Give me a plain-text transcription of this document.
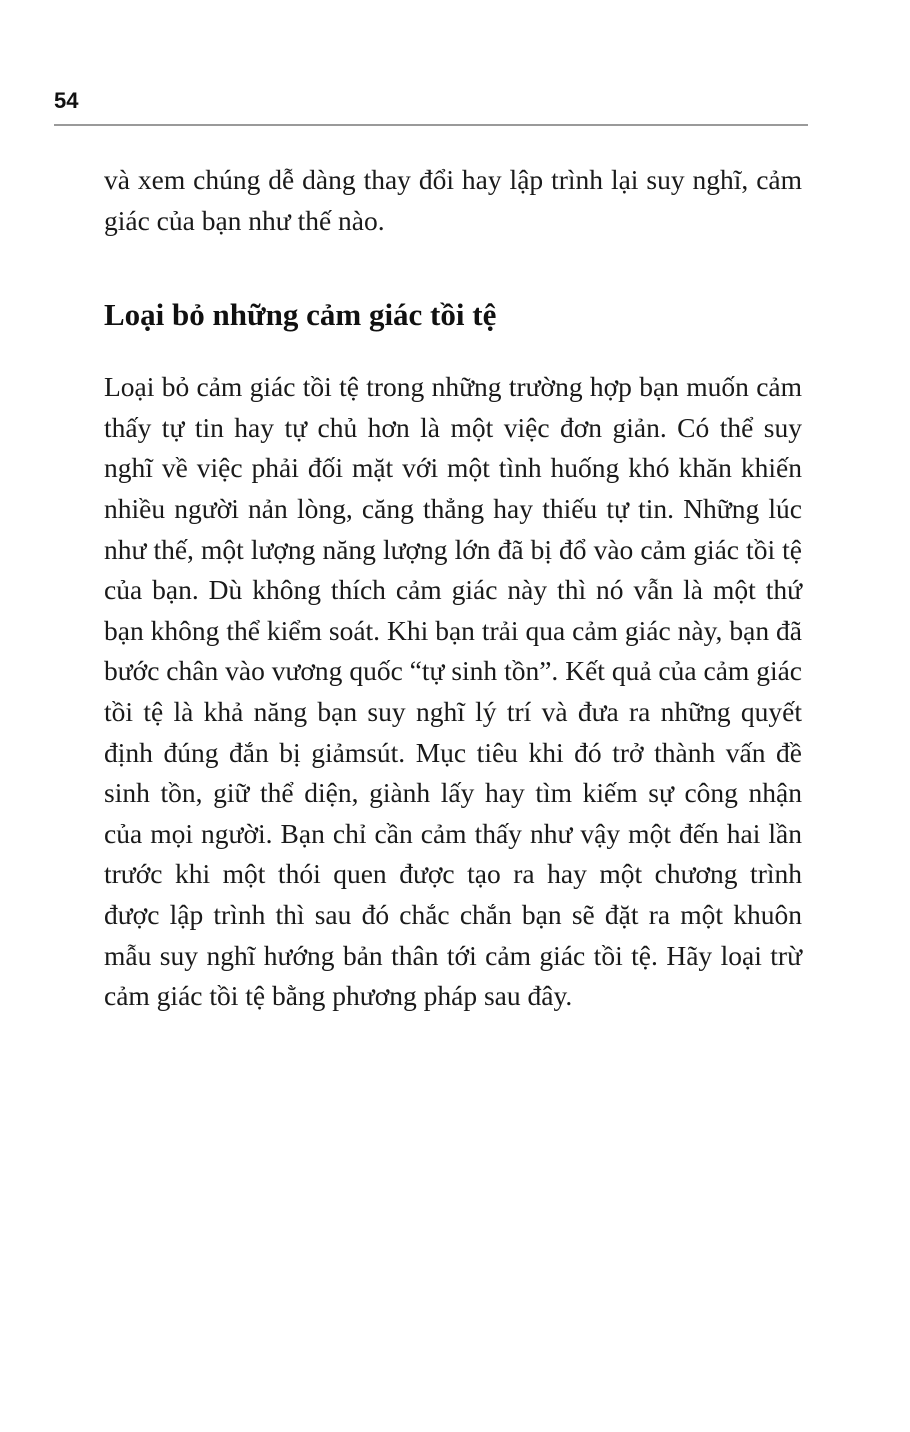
54

và xem chúng dễ dàng thay đổi hay lập trình lại suy nghĩ, cảm giác của bạn như thế nào.

Loại bỏ những cảm giác tồi tệ

Loại bỏ cảm giác tồi tệ trong những trường hợp bạn muốn cảm thấy tự tin hay tự chủ hơn là một việc đơn giản. Có thể suy nghĩ về việc phải đối mặt với một tình huống khó khăn khiến nhiều người nản lòng, căng thẳng hay thiếu tự tin. Những lúc như thế, một lượng năng lượng lớn đã bị đổ vào cảm giác tồi tệ của bạn. Dù không thích cảm giác này thì nó vẫn là một thứ bạn không thể kiểm soát. Khi bạn trải qua cảm giác này, bạn đã bước chân vào vương quốc “tự sinh tồn”. Kết quả của cảm giác tồi tệ là khả năng bạn suy nghĩ lý trí và đưa ra những quyết định đúng đắn bị giảmsút. Mục tiêu khi đó trở thành vấn đề sinh tồn, giữ thể diện, giành lấy hay tìm kiếm sự công nhận của mọi người. Bạn chỉ cần cảm thấy như vậy một đến hai lần trước khi một thói quen được tạo ra hay một chương trình được lập trình thì sau đó chắc chắn bạn sẽ đặt ra một khuôn mẫu suy nghĩ hướng bản thân tới cảm giác tồi tệ. Hãy loại trừ cảm giác tồi tệ bằng phương pháp sau đây.
